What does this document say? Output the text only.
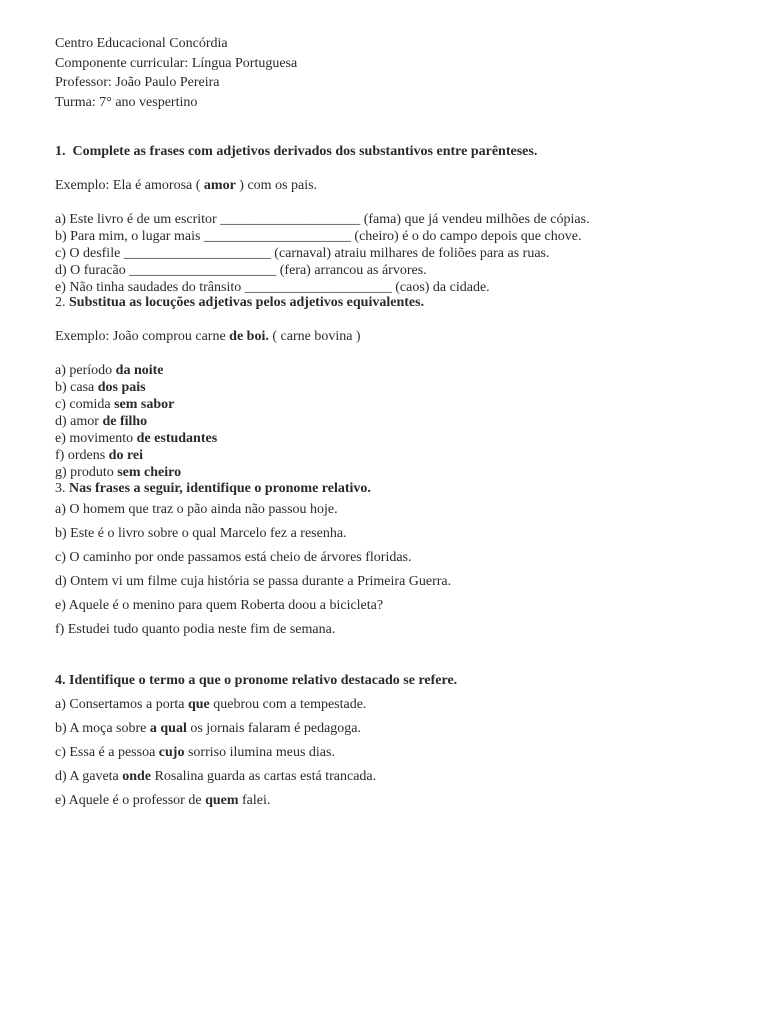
Centro Educacional Concórdia
Componente curricular: Língua Portuguesa
Professor: João Paulo Pereira
Turma: 7° ano vespertino
1. Complete as frases com adjetivos derivados dos substantivos entre parênteses.
Exemplo: Ela é amorosa ( amor ) com os pais.
a) Este livro é de um escritor ____________________ (fama) que já vendeu milhões de cópias.
b) Para mim, o lugar mais _____________________ (cheiro) é o do campo depois que chove.
c) O desfile _____________________ (carnaval) atraiu milhares de foliões para as ruas.
d) O furacão _____________________ (fera) arrancou as árvores.
e) Não tinha saudades do trânsito _____________________ (caos) da cidade.
2. Substitua as locuções adjetivas pelos adjetivos equivalentes.
Exemplo: João comprou carne de boi. ( carne bovina )
a) período da noite
b) casa dos pais
c) comida sem sabor
d) amor de filho
e) movimento de estudantes
f) ordens do rei
g) produto sem cheiro
3. Nas frases a seguir, identifique o pronome relativo.
a) O homem que traz o pão ainda não passou hoje.
b) Este é o livro sobre o qual Marcelo fez a resenha.
c) O caminho por onde passamos está cheio de árvores floridas.
d) Ontem vi um filme cuja história se passa durante a Primeira Guerra.
e) Aquele é o menino para quem Roberta doou a bicicleta?
f) Estudei tudo quanto podia neste fim de semana.
4. Identifique o termo a que o pronome relativo destacado se refere.
a) Consertamos a porta que quebrou com a tempestade.
b) A moça sobre a qual os jornais falaram é pedagoga.
c) Essa é a pessoa cujo sorriso ilumina meus dias.
d) A gaveta onde Rosalina guarda as cartas está trancada.
e) Aquele é o professor de quem falei.
